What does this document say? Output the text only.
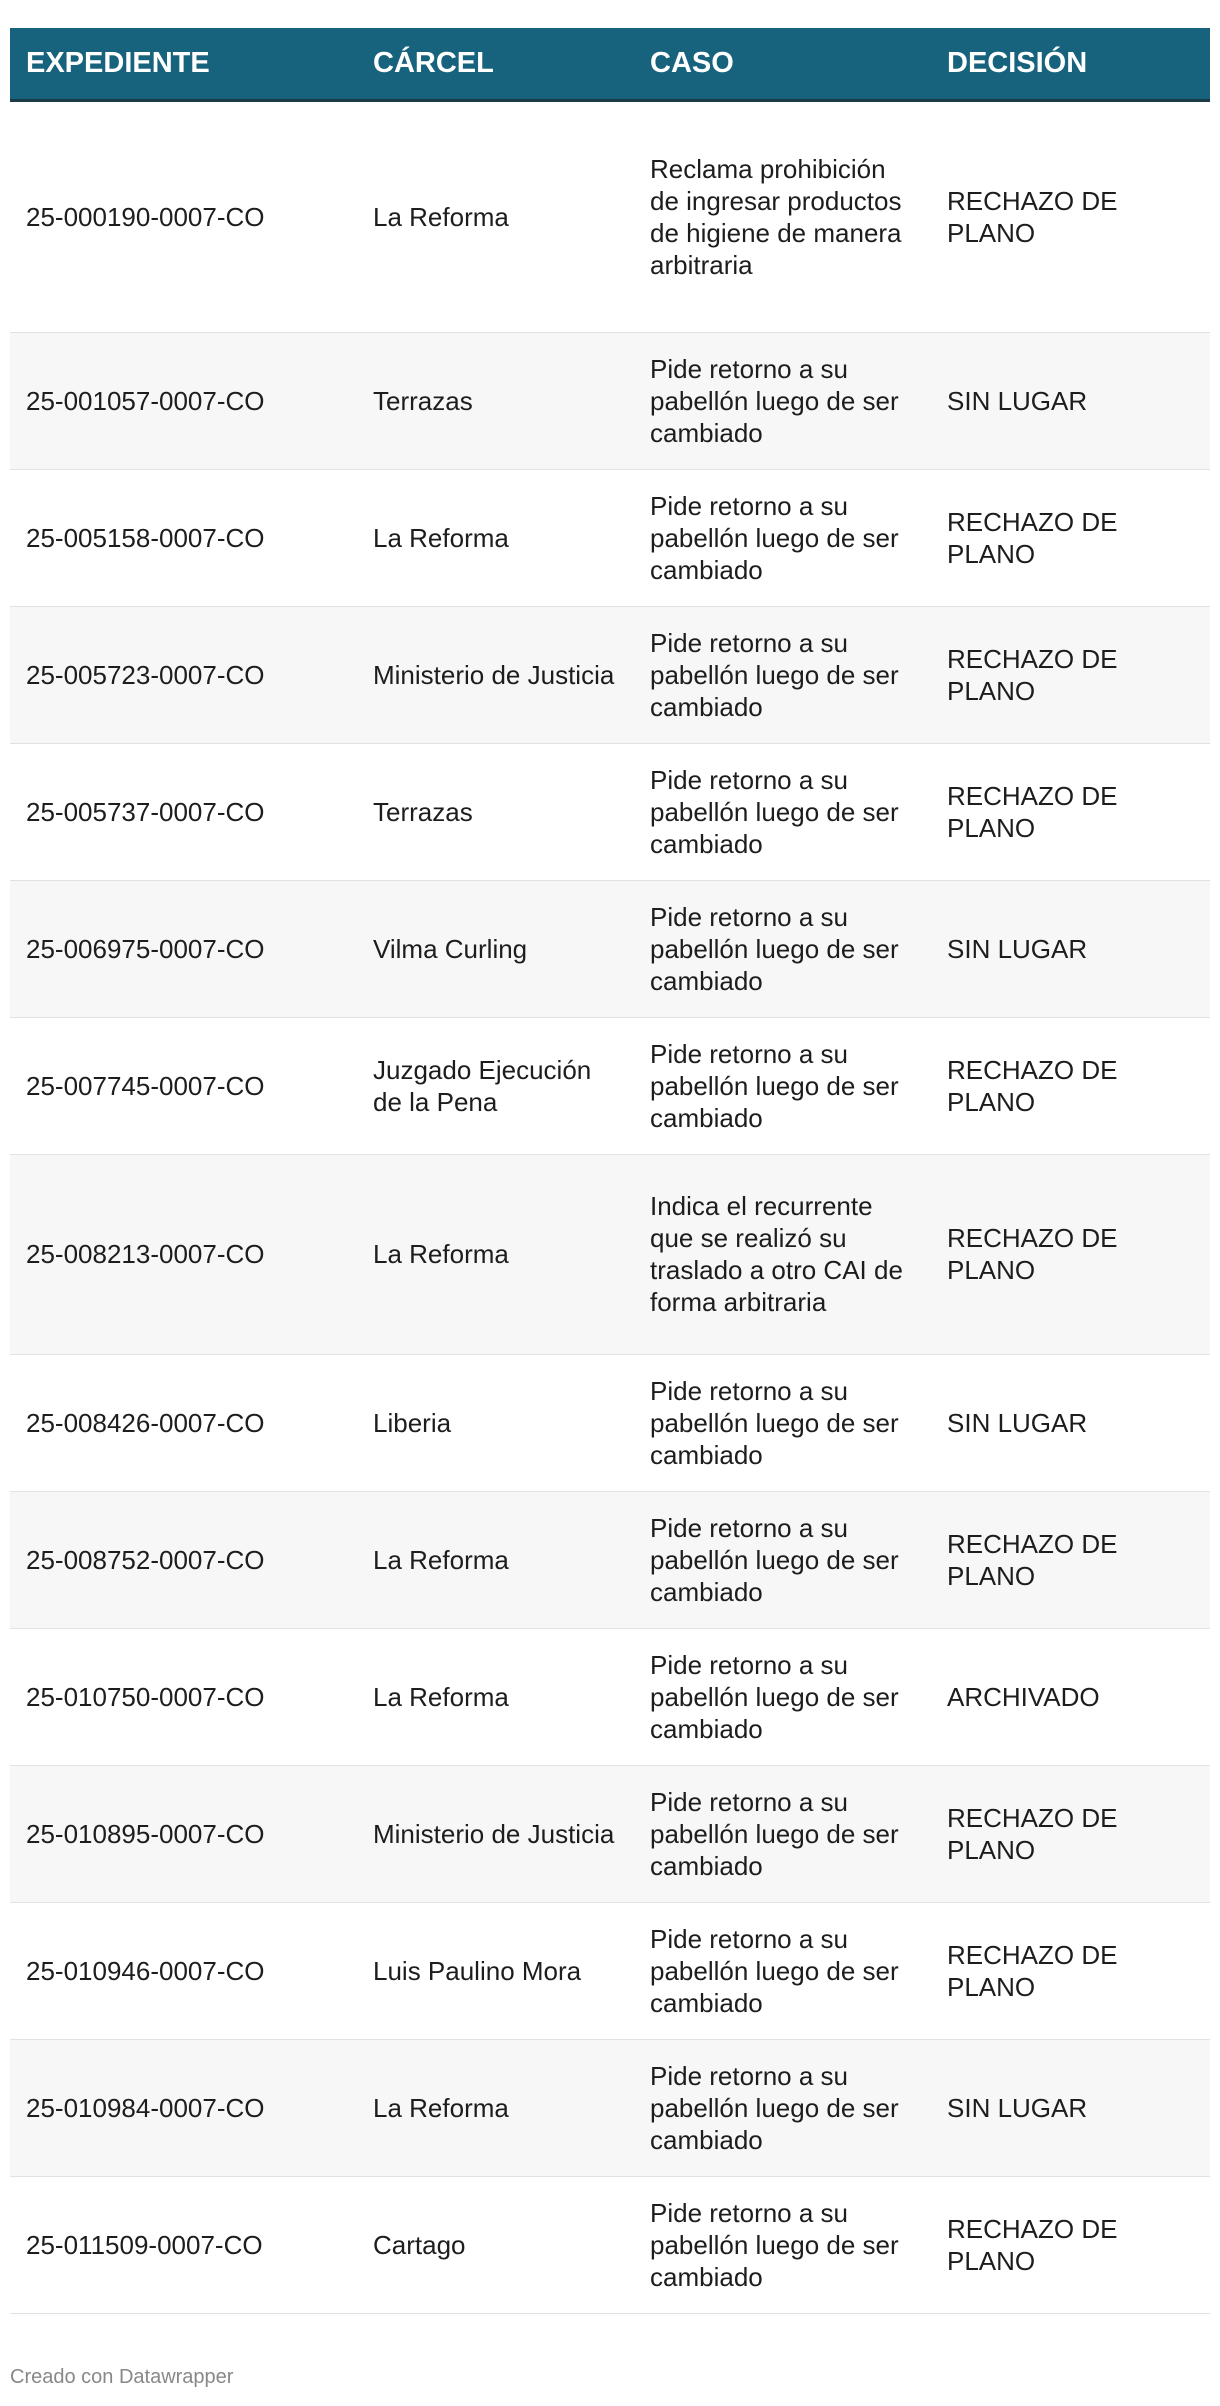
EXPEDIENTE	CÁRCEL	CASO	DECISIÓN
25-000190-0007-CO	La Reforma	Reclama prohibición de ingresar productos de higiene de manera arbitraria	RECHAZO DE PLANO
25-001057-0007-CO	Terrazas	Pide retorno a su pabellón luego de ser cambiado	SIN LUGAR
25-005158-0007-CO	La Reforma	Pide retorno a su pabellón luego de ser cambiado	RECHAZO DE PLANO
25-005723-0007-CO	Ministerio de Justicia	Pide retorno a su pabellón luego de ser cambiado	RECHAZO DE PLANO
25-005737-0007-CO	Terrazas	Pide retorno a su pabellón luego de ser cambiado	RECHAZO DE PLANO
25-006975-0007-CO	Vilma Curling	Pide retorno a su pabellón luego de ser cambiado	SIN LUGAR
25-007745-0007-CO	Juzgado Ejecución de la Pena	Pide retorno a su pabellón luego de ser cambiado	RECHAZO DE PLANO
25-008213-0007-CO	La Reforma	Indica el recurrente que se realizó su traslado a otro CAI de forma arbitraria	RECHAZO DE PLANO
25-008426-0007-CO	Liberia	Pide retorno a su pabellón luego de ser cambiado	SIN LUGAR
25-008752-0007-CO	La Reforma	Pide retorno a su pabellón luego de ser cambiado	RECHAZO DE PLANO
25-010750-0007-CO	La Reforma	Pide retorno a su pabellón luego de ser cambiado	ARCHIVADO
25-010895-0007-CO	Ministerio de Justicia	Pide retorno a su pabellón luego de ser cambiado	RECHAZO DE PLANO
25-010946-0007-CO	Luis Paulino Mora	Pide retorno a su pabellón luego de ser cambiado	RECHAZO DE PLANO
25-010984-0007-CO	La Reforma	Pide retorno a su pabellón luego de ser cambiado	SIN LUGAR
25-011509-0007-CO	Cartago	Pide retorno a su pabellón luego de ser cambiado	RECHAZO DE PLANO
Creado con Datawrapper
